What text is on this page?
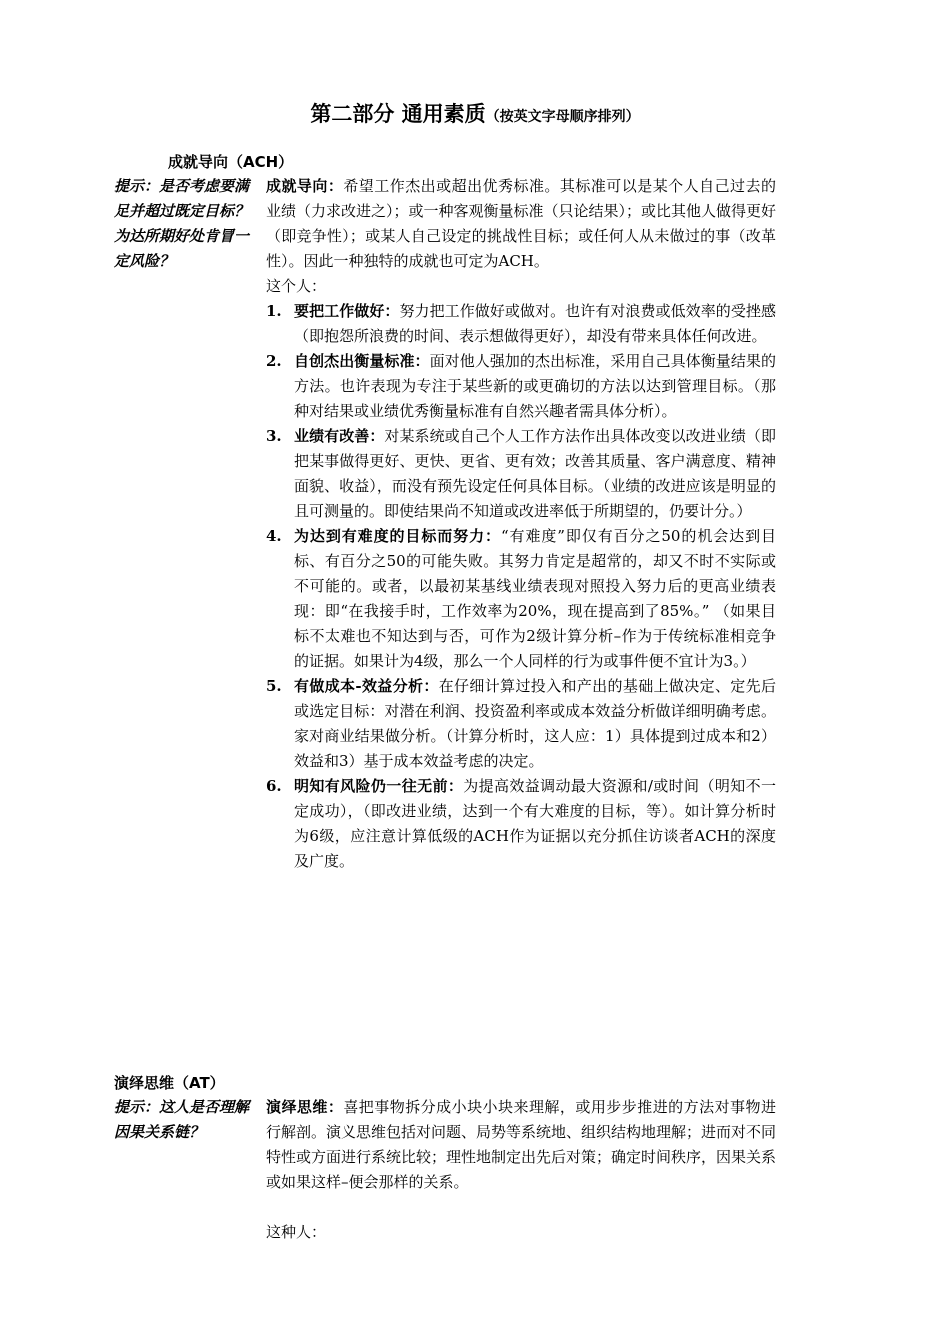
第二部分 通用素质（按英文字母顺序排列）
成就导向（ACH）
提示：是否考虑要满足并超过既定目标？为达所期好处肯冒一定风险？

成就导向：希望工作杰出或超出优秀标准。其标准可以是某个人自己过去的业绩（力求改进之）；或一种客观衡量标准（只论结果）；或比其他人做得更好（即竞争性）；或某人自己设定的挑战性目标；或任何人从未做过的事（改革性）。因此一种独特的成就也可定为ACH。

这个人：

1. 要把工作做好：努力把工作做好或做对。也许有对浪费或低效率的受挫感（即抱怨所浪费的时间、表示想做得更好），却没有带来具体任何改进。
2. 自创杰出衡量标准：面对他人强加的杰出标准，采用自己具体衡量结果的方法。也许表现为专注于某些新的或更确切的方法以达到管理目标。（那种对结果或业绩优秀衡量标准有自然兴趣者需具体分析）。
3. 业绩有改善：对某系统或自己个人工作方法作出具体改变以改进业绩（即把某事做得更好、更快、更省、更有效；改善其质量、客户满意度、精神面貌、收益），而没有预先设定任何具体目标。（业绩的改进应该是明显的且可测量的。即使结果尚不知道或改进率低于所期望的，仍要计分。）
4. 为达到有难度的目标而努力：“有难度”即仅有百分之50的机会达到目标、有百分之50的可能失败。其努力肯定是超常的，却又不时不实际或不可能的。或者，以最初某基线业绩表现对照投入努力后的更高业绩表现：即“在我接手时，工作效率为20%，现在提高到了85%。” （如果目标不太难也不知达到与否，可作为2级计算分析–作为于传统标准相竞争的证据。如果计为4级，那么一个人同样的行为或事件便不宜计为3。）
5. 有做成本-效益分析：在仔细计算过投入和产出的基础上做决定、定先后或选定目标：对潜在利润、投资盈利率或成本效益分析做详细明确考虑。家对商业结果做分析。（计算分析时，这人应：1）具体提到过成本和2）效益和3）基于成本效益考虑的决定。
6. 明知有风险仍一往无前：为提高效益调动最大资源和/或时间（明知不一定成功），（即改进业绩，达到一个有大难度的目标，等）。如计算分析时为6级，应注意计算低级的ACH作为证据以充分抓住访谈者ACH的深度及广度。
演绎思维（AT）
提示：这人是否理解因果关系链？

演绎思维：喜把事物拆分成小块小块来理解，或用步步推进的方法对事物进行解剖。演义思维包括对问题、局势等系统地、组织结构地理解；进而对不同特性或方面进行系统比较；理性地制定出先后对策；确定时间秩序，因果关系或如果这样–便会那样的关系。

这种人：
